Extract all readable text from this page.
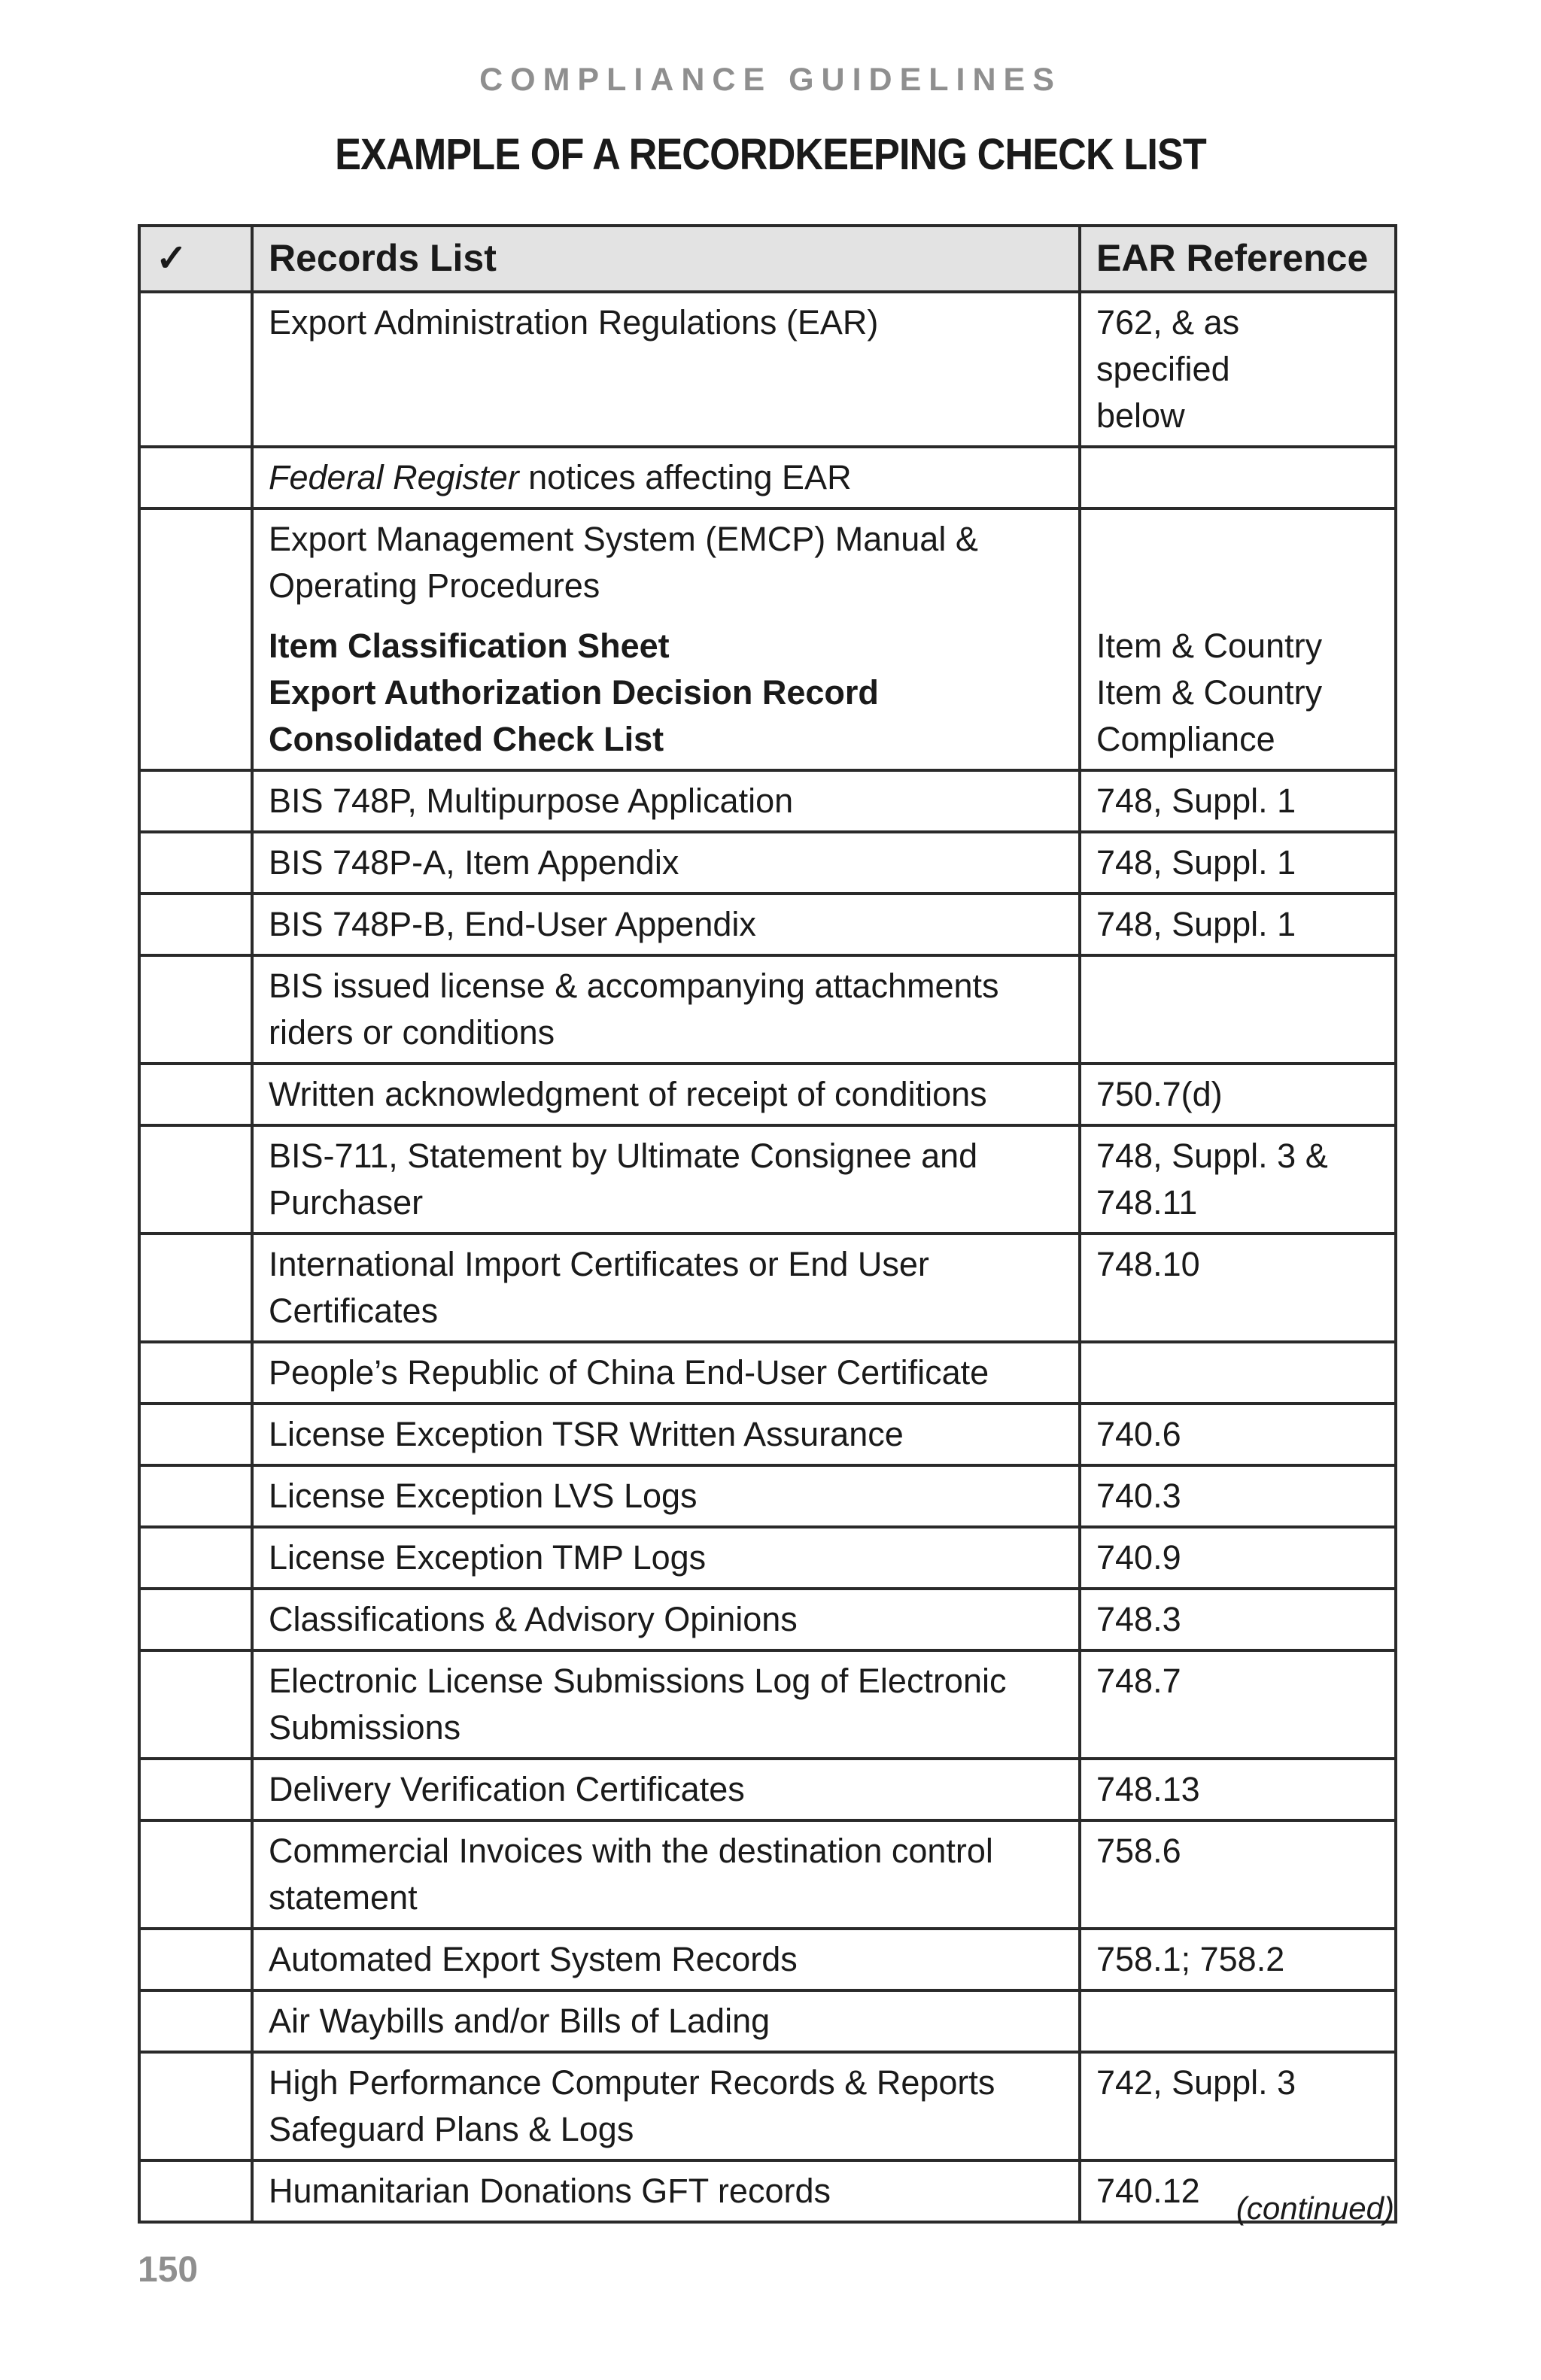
COMPLIANCE GUIDELINES
EXAMPLE OF A RECORDKEEPING CHECK LIST
✓	Records List	EAR Reference

	Export Administration Regulations (EAR)	762, & as specified
below

	Federal Register notices affecting EAR	

	Export Management System (EMCP) Manual &
Operating Procedures
Item Classification Sheet
Export Authorization Decision Record
Consolidated Check List	Item & Country
Item & Country
Compliance

	BIS 748P, Multipurpose Application	748, Suppl. 1

	BIS 748P-A, Item Appendix	748, Suppl. 1

	BIS 748P-B, End-User Appendix	748, Suppl. 1

	BIS issued license & accompanying attachments
riders or conditions	

	Written acknowledgment of receipt of conditions	750.7(d)

	BIS-711, Statement by Ultimate Consignee and
Purchaser	748, Suppl. 3 &
748.11

	International Import Certificates or End User
Certificates	748.10

	People’s Republic of China End-User Certificate	

	License Exception TSR Written Assurance	740.6

	License Exception LVS Logs	740.3

	License Exception TMP Logs	740.9

	Classifications & Advisory Opinions	748.3

	Electronic License Submissions Log of Electronic
Submissions	748.7

	Delivery Verification Certificates	748.13

	Commercial Invoices with the destination control
statement	758.6

	Automated Export System Records	758.1; 758.2

	Air Waybills and/or Bills of Lading	

	High Performance Computer Records & Reports
Safeguard Plans & Logs	742, Suppl. 3

	Humanitarian Donations GFT records	740.12	(continued)
150
